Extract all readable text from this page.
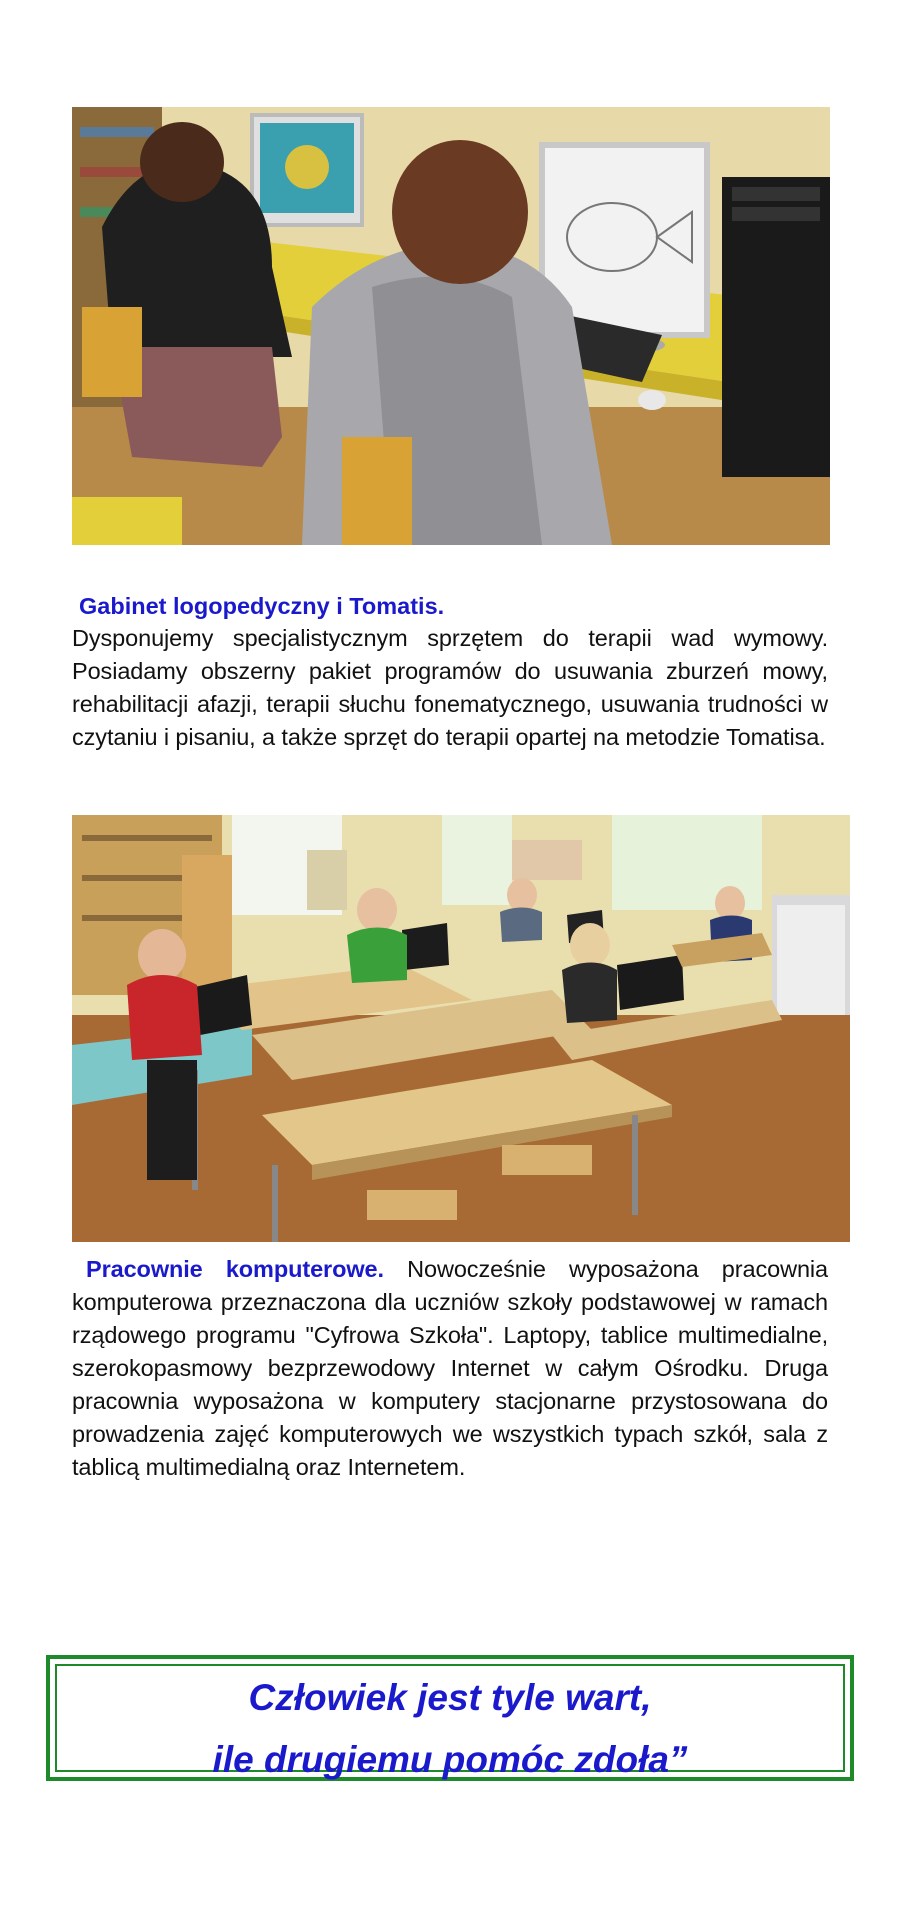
Gabinet logopedyczny i Tomatis.
Dysponujemy specjalistycznym sprzętem do terapii wad wymowy. Posiadamy obszerny pakiet programów do usuwania zburzeń mowy, rehabilitacji afazji, terapii słuchu fonematycznego, usuwania trudności w czytaniu i pisaniu, a także sprzęt do terapii opartej na metodzie Tomatisa.
Pracownie komputerowe. Nowocześnie wyposażona pracownia komputerowa przeznaczona dla uczniów szkoły podstawowej w ramach rządowego programu "Cyfrowa Szkoła". Laptopy, tablice multimedialne, szerokopasmowy bezprzewodowy Internet w całym Ośrodku. Druga pracownia wyposażona w komputery stacjonarne przystosowana do prowadzenia zajęć komputerowych we wszystkich typach szkół, sala z tablicą multimedialną oraz Internetem.
Człowiek jest tyle wart,
ile drugiemu pomóc zdoła”
